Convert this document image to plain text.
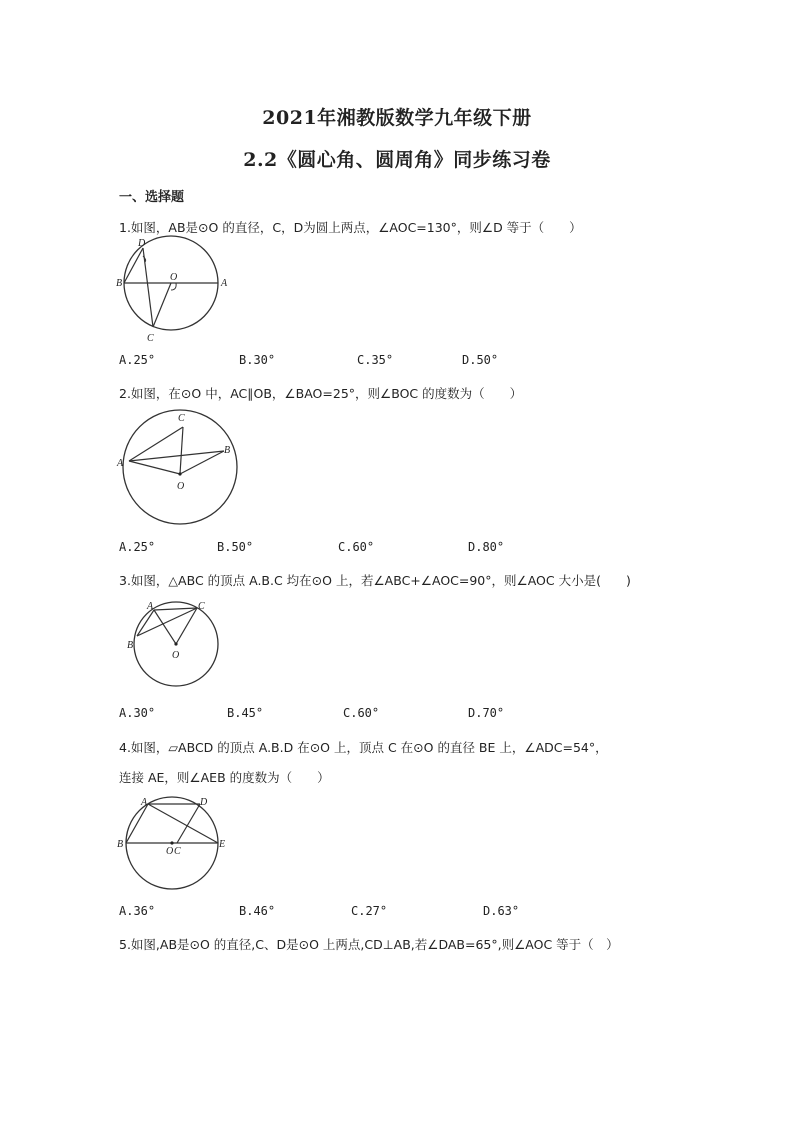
2021年湘教版数学九年级下册
2.2《圆心角、圆周角》同步练习卷
一、选择题
1.如图，AB是⊙O 的直径，C，D为圆上两点，∠AOC=130°，则∠D 等于（　　）
D
B
O
A
C
A.25°	B.30°	C.35°	D.50°
2.如图，在⊙O 中，AC∥OB，∠BAO=25°，则∠BOC 的度数为（　　）
C
A
B
O
A.25°	B.50°	C.60°	D.80°
3.如图，△ABC 的顶点 A.B.C 均在⊙O 上，若∠ABC+∠AOC=90°，则∠AOC 大小是(　　)
A	C
B
O
A.30°	B.45°	C.60°	D.70°
4.如图，▱ABCD 的顶点 A.B.D 在⊙O 上，顶点 C 在⊙O 的直径 BE 上，∠ADC=54°，
连接 AE，则∠AEB 的度数为（　　）
A	D
B
O C
E
A.36°	B.46°	C.27°	D.63°
5.如图,AB是⊙O 的直径,C、D是⊙O 上两点,CD⊥AB,若∠DAB=65°,则∠AOC 等于（　）
